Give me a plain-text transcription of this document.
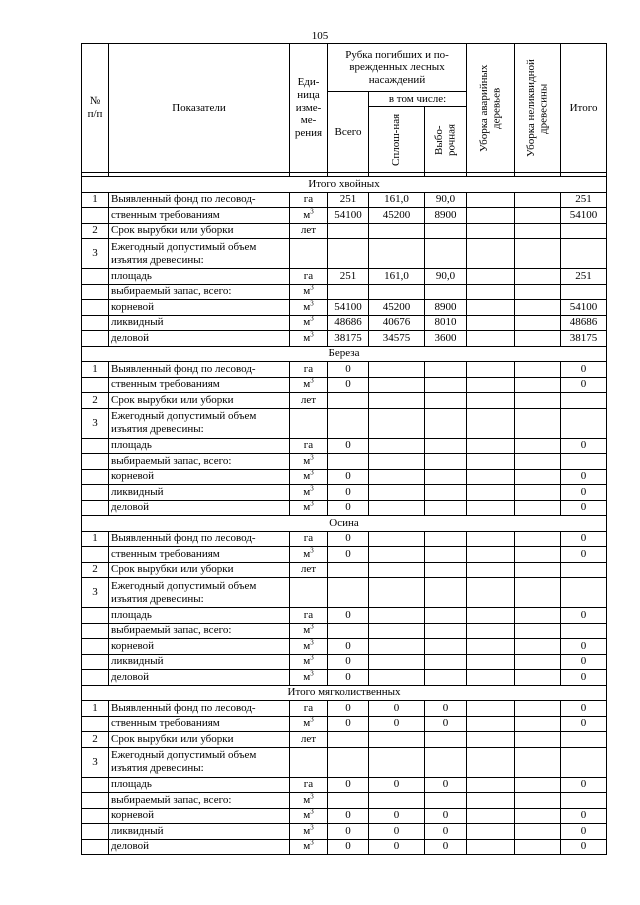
105
№ п/п	Показатели	Еди-ница изме-ме-рения	Рубка погибших и по-врежденных лесных насаждений			Уборка аварийных деревьев	Уборка неликвидной древесины	Итого
			Всего	в том числе:				

				Сплош-ная	Выбо-рочная			

Итого хвойных								
1	Выявленный фонд по лесовод-	га	251	161,0	90,0			251
	ственным требованиям	$м^3$	54100	45200	8900			54100
2	Срок вырубки или уборки	лет						
3	Ежегодный допустимый объем изъятия древесины:							
	площадь	га	251	161,0	90,0			251
	выбираемый запас, всего:	$м^3$						
	корневой	$м^3$	54100	45200	8900			54100
	ликвидный	$м^3$	48686	40676	8010			48686
	деловой	$м^3$	38175	34575	3600			38175
Береза								
1	Выявленный фонд по лесовод-	га	0					0
	ственным требованиям	$м^3$	0					0
2	Срок вырубки или уборки	лет						
3	Ежегодный допустимый объем изъятия древесины:							
	площадь	га	0					0
	выбираемый запас, всего:	$м^3$						
	корневой	$м^3$	0					0
	ликвидный	$м^3$	0					0
	деловой	$м^3$	0					0
Осина								
1	Выявленный фонд по лесовод-	га	0					0
	ственным требованиям	$м^3$	0					0
2	Срок вырубки или уборки	лет						
3	Ежегодный допустимый объем изъятия древесины:							
	площадь	га	0					0
	выбираемый запас, всего:	$м^3$						
	корневой	$м^3$	0					0
	ликвидный	$м^3$	0					0
	деловой	$м^3$	0					0
Итого мягколиственных								
1	Выявленный фонд по лесовод-	га	0	0	0			0
	ственным требованиям	$м^3$	0	0	0			0
2	Срок вырубки или уборки	лет						
3	Ежегодный допустимый объем изъятия древесины:							
	площадь	га	0	0	0			0
	выбираемый запас, всего:	$м^3$						
	корневой	$м^3$	0	0	0			0
	ликвидный	$м^3$	0	0	0			0
	деловой	$м^3$	0	0	0			0
